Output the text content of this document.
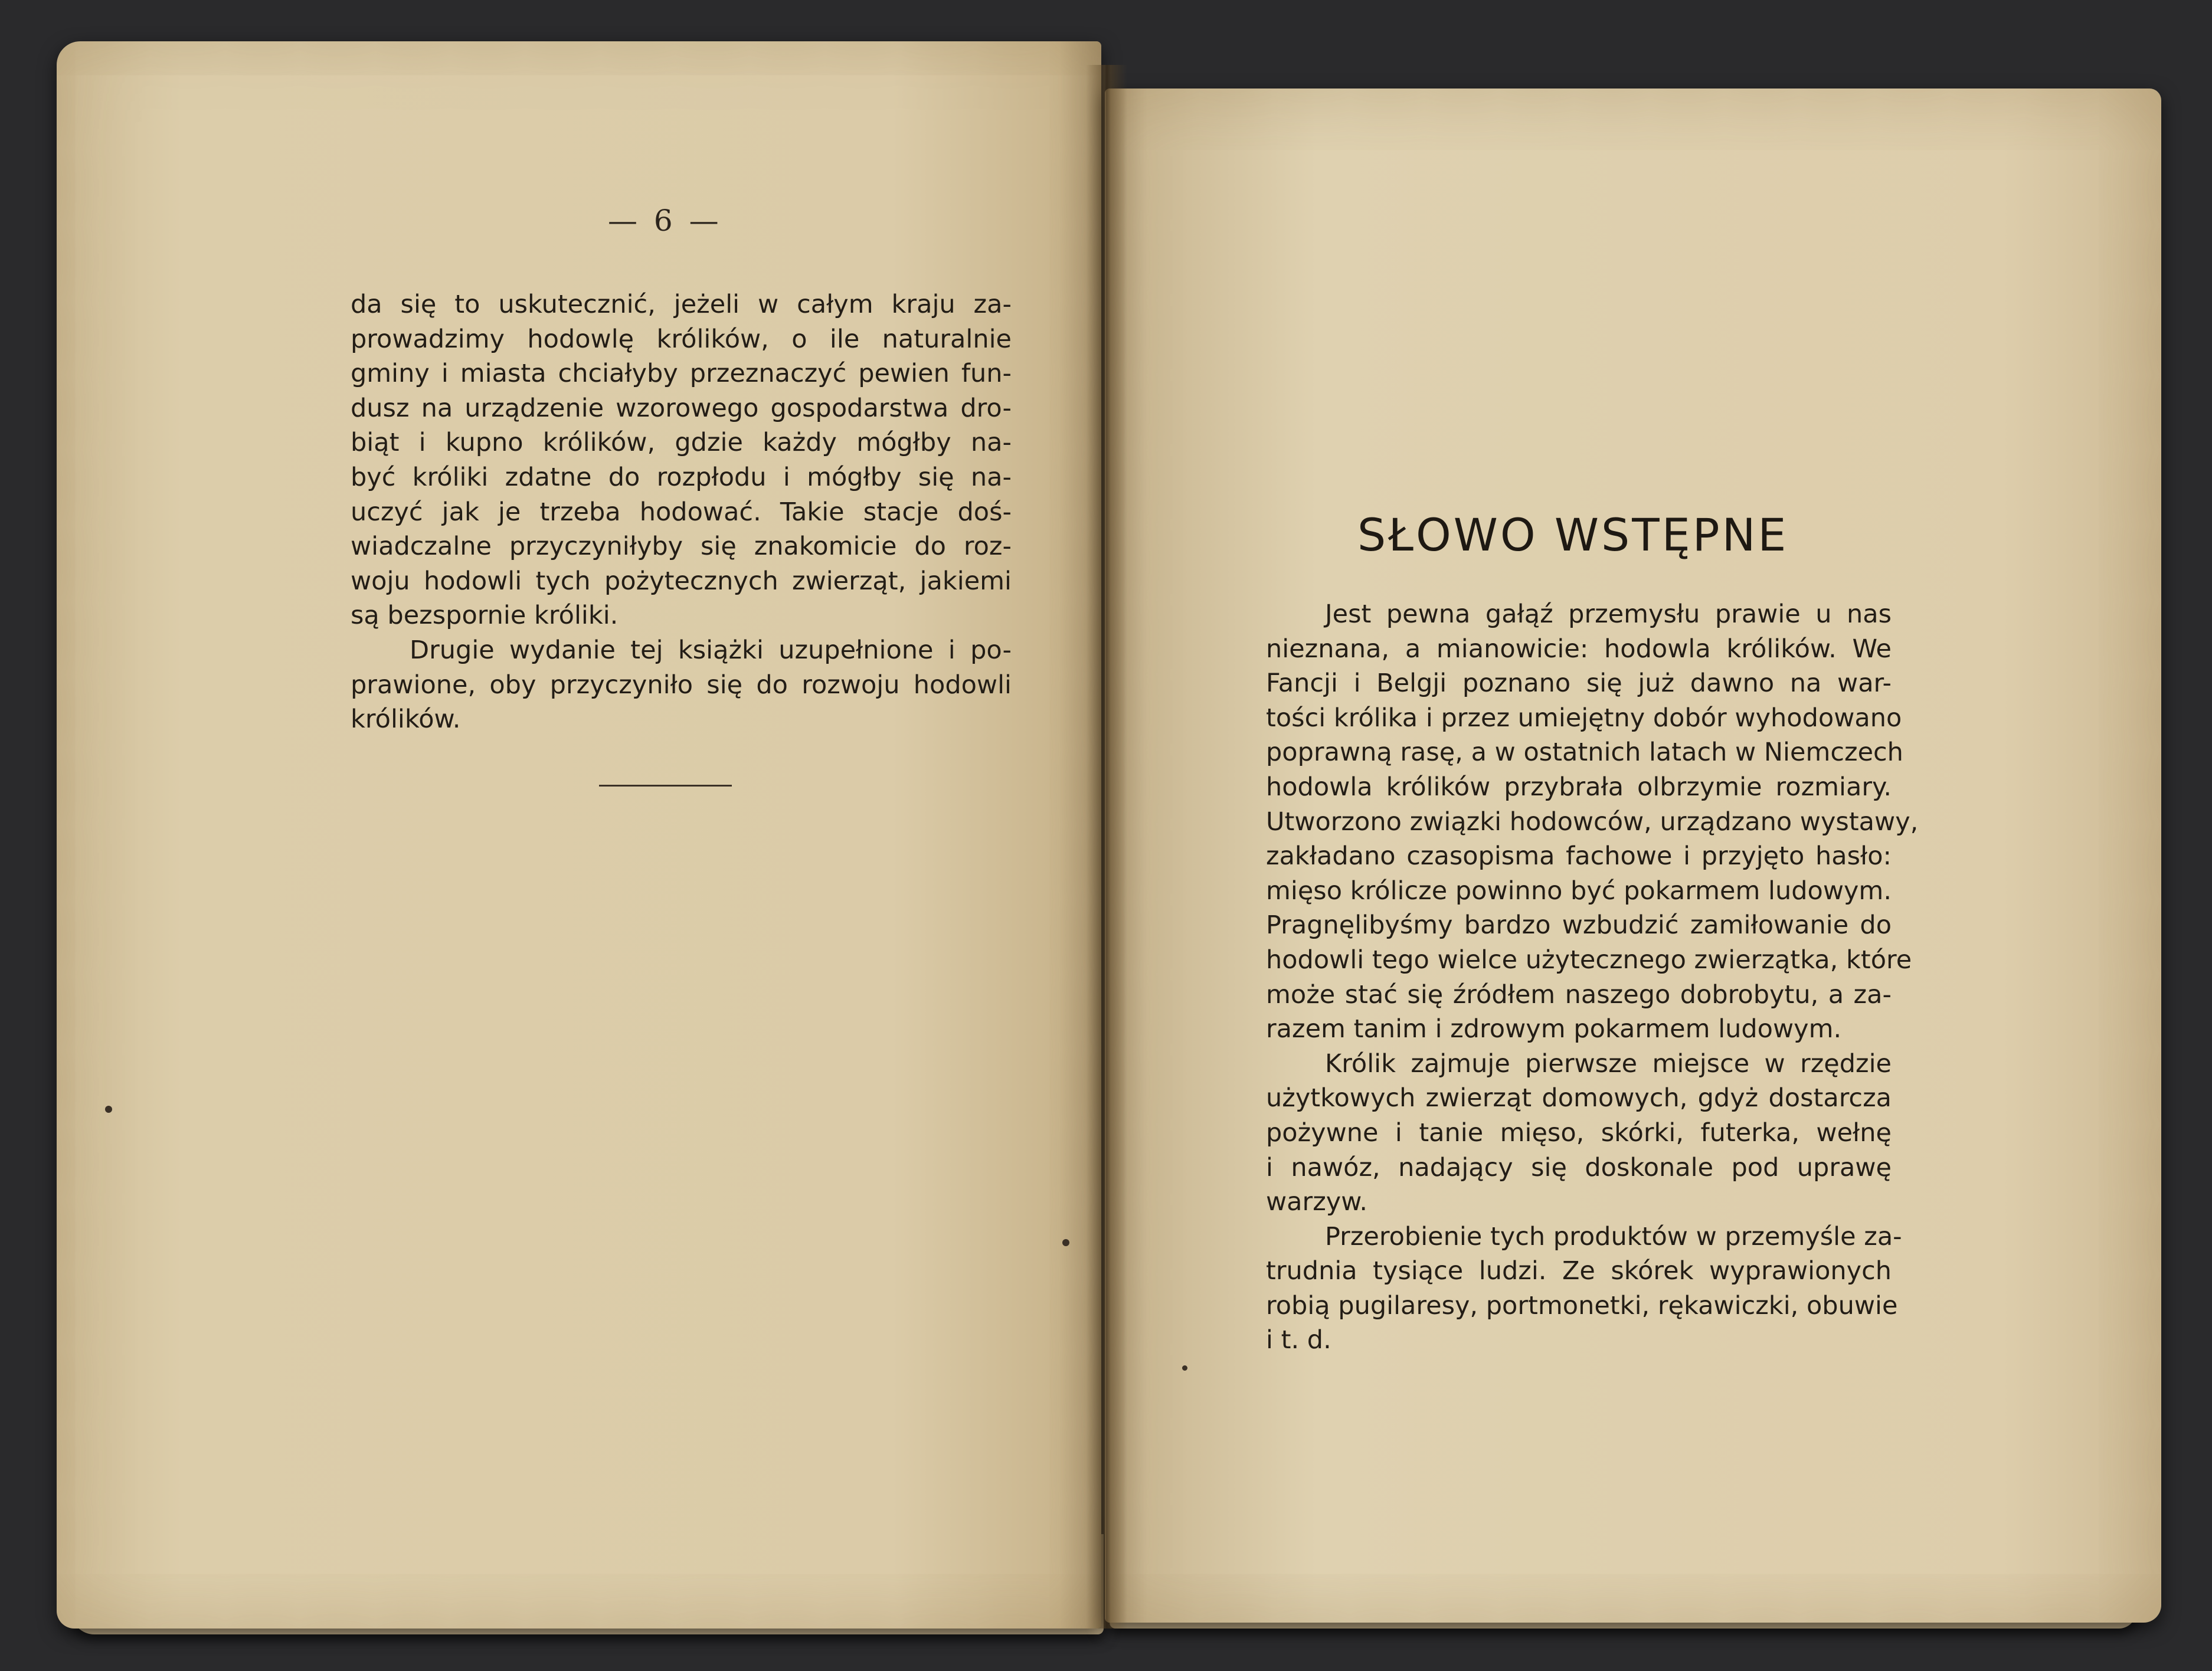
— 6 —
da się to uskutecznić, jeżeli w całym kraju za-
prowadzimy hodowlę królików, o ile naturalnie
gminy i miasta chciałyby przeznaczyć pewien fun-
dusz na urządzenie wzorowego gospodarstwa dro-
biąt i kupno królików, gdzie każdy mógłby na-
być króliki zdatne do rozpłodu i mógłby się na-
uczyć jak je trzeba hodować. Takie stacje doś-
wiadczalne przyczyniłyby się znakomicie do roz-
woju hodowli tych pożytecznych zwierząt, jakiemi
są bezspornie króliki.
Drugie wydanie tej książki uzupełnione i po-
prawione, oby przyczyniło się do rozwoju hodowli
królików.
SŁOWO WSTĘPNE
Jest pewna gałąź przemysłu prawie u nas
nieznana, a mianowicie: hodowla królików. We
Fancji i Belgji poznano się już dawno na war-
tości królika i przez umiejętny dobór wyhodowano
poprawną rasę, a w ostatnich latach w Niemczech
hodowla królików przybrała olbrzymie rozmiary.
Utworzono związki hodowców, urządzano wystawy,
zakładano czasopisma fachowe i przyjęto hasło:
mięso królicze powinno być pokarmem ludowym.
Pragnęlibyśmy bardzo wzbudzić zamiłowanie do
hodowli tego wielce użytecznego zwierzątka, które
może stać się źródłem naszego dobrobytu, a za-
razem tanim i zdrowym pokarmem ludowym.
Królik zajmuje pierwsze miejsce w rzędzie
użytkowych zwierząt domowych, gdyż dostarcza
pożywne i tanie mięso, skórki, futerka, wełnę
i nawóz, nadający się doskonale pod uprawę
warzyw.
Przerobienie tych produktów w przemyśle za-
trudnia tysiące ludzi. Ze skórek wyprawionych
robią pugilaresy, portmonetki, rękawiczki, obuwie
i t. d.
